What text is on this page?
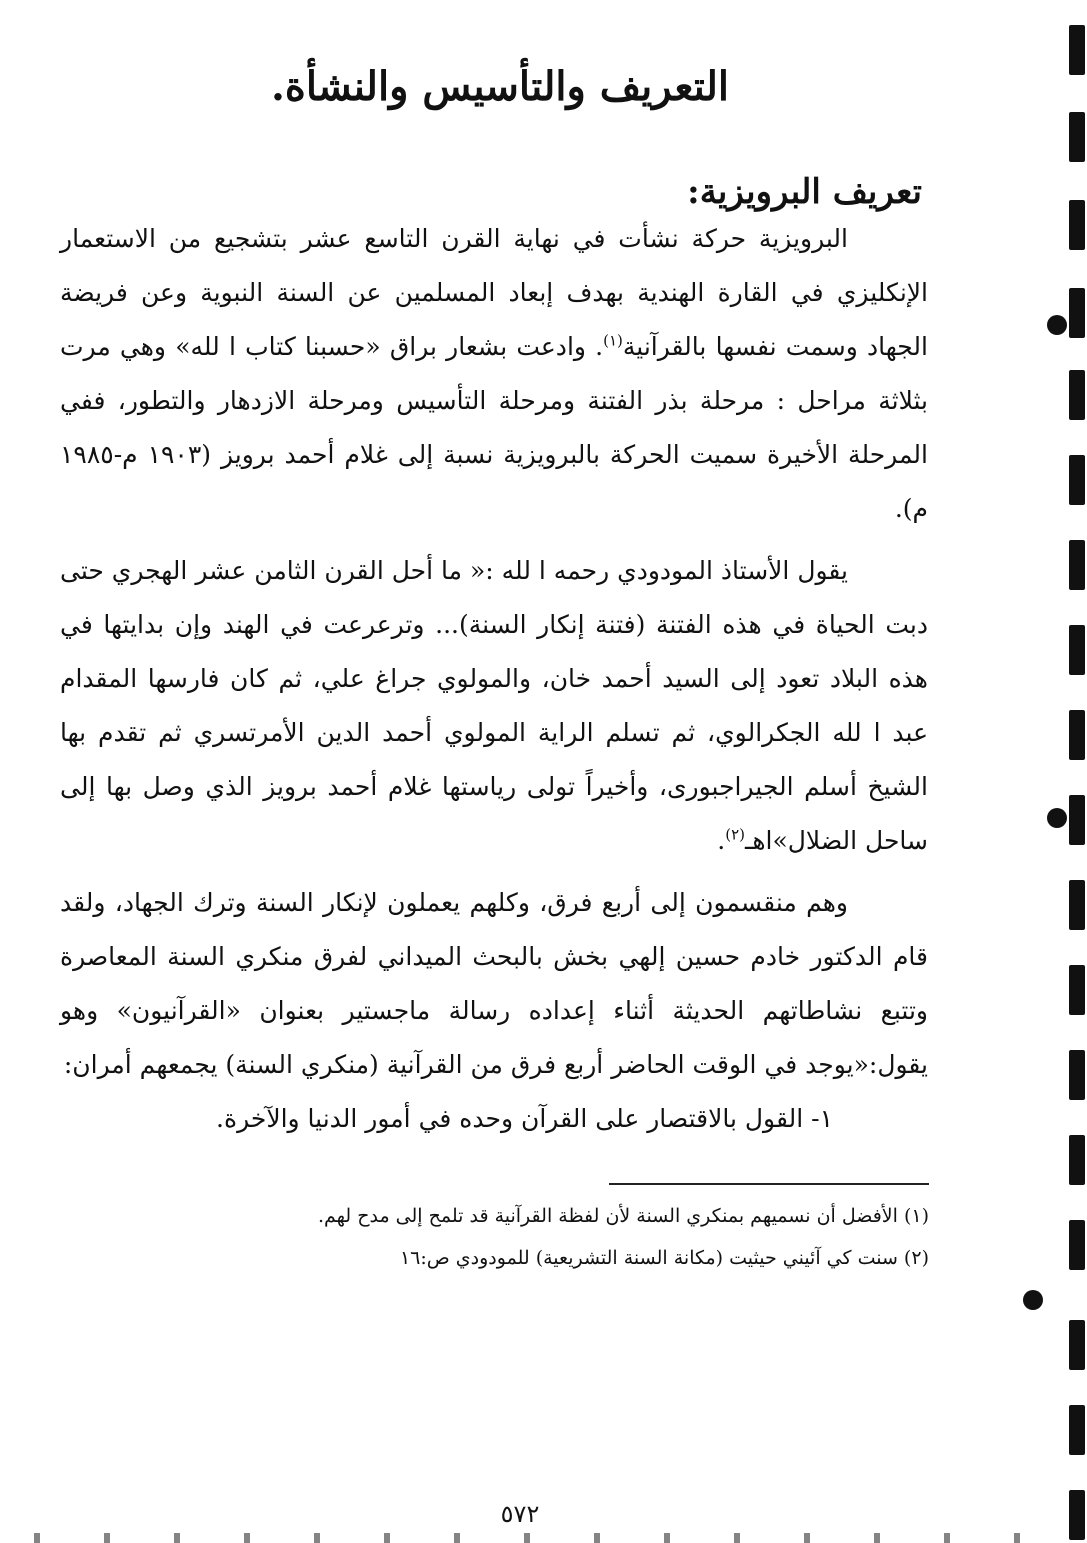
التعريف والتأسيس والنشأة.
تعريف البرويزية:

البرويزية حركة نشأت في نهاية القرن التاسع عشر بتشجيع من الاستعمار الإنكليزي في القارة الهندية بهدف إبعاد المسلمين عن السنة النبوية وعن فريضة الجهاد وسمت نفسها بالقرآنية$^{(١)}$. وادعت بشعار براق «حسبنا كتاب ا لله» وهي مرت بثلاثة مراحل : مرحلة بذر الفتنة ومرحلة التأسيس ومرحلة الازدهار والتطور، ففي المرحلة الأخيرة سميت الحركة بالبرويزية نسبة إلى غلام أحمد برويز (١٩٠٣ م-١٩٨٥ م).

يقول الأستاذ المودودي رحمه ا لله :« ما أحل القرن الثامن عشر الهجري حتى دبت الحياة في هذه الفتنة (فتنة إنكار السنة)... وترعرعت في الهند وإن بدايتها في هذه البلاد تعود إلى السيد أحمد خان، والمولوي جراغ علي، ثم كان فارسها المقدام عبد ا لله الجكرالوي، ثم تسلم الراية المولوي أحمد الدين الأمرتسري ثم تقدم بها الشيخ أسلم الجيراجبورى، وأخيراً تولى رياستها غلام أحمد برويز الذي وصل بها إلى ساحل الضلال»اهـ$^{(٢)}$.

وهم منقسمون إلى أربع فرق، وكلهم يعملون لإنكار السنة وترك الجهاد، ولقد قام الدكتور خادم حسين إلهي بخش بالبحث الميداني لفرق منكري السنة المعاصرة وتتبع نشاطاتهم الحديثة أثناء إعداده رسالة ماجستير بعنوان «القرآنيون» وهو يقول:«يوجد في الوقت الحاضر أربع فرق من القرآنية (منكري السنة) يجمعهم أمران:

١- القول بالاقتصار على القرآن وحده في أمور الدنيا والآخرة.

(١) الأفضل أن نسميهم بمنكري السنة لأن لفظة القرآنية قد تلمح إلى مدح لهم.
(٢) سنت كي آئيني حيثيت (مكانة السنة التشريعية) للمودودي ص:١٦
٥٧٢
